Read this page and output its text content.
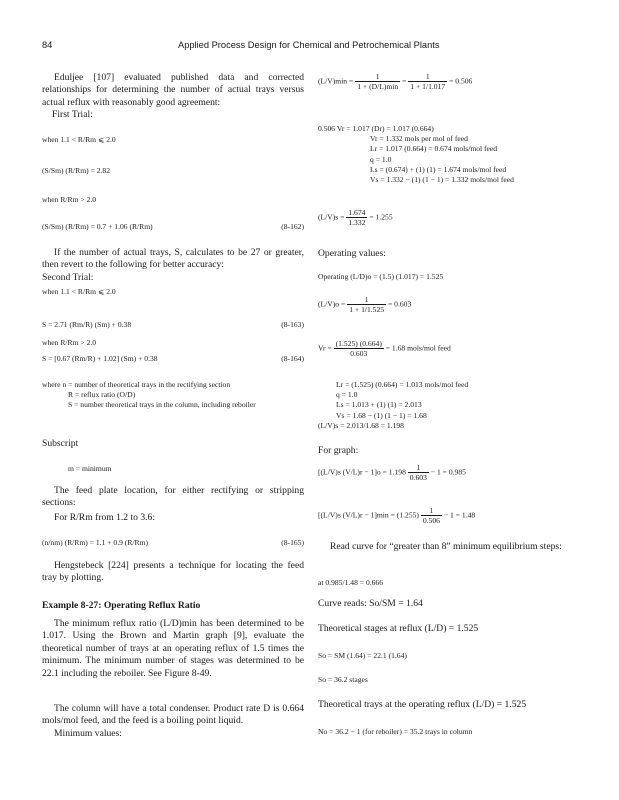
84	Applied Process Design for Chemical and Petrochemical Plants
Eduljee [107] evaluated published data and corrected relationships for determining the number of actual trays versus actual reflux with reasonably good agreement:
First Trial:
when 1.1 < R/Rm ⩽ 2.0
(S/Sm) (R/Rm) = 2.82
when R/Rm > 2.0
(S/Sm) (R/Rm) = 0.7 + 1.06 (R/Rm)	(8-162)
If the number of actual trays, S, calculates to be 27 or greater, then revert to the following for better accuracy:
Second Trial:
when 1.1 < R/Rm ⩽ 2.0
S = 2.71 (Rm/R) (Sm) + 0.38	(8-163)
when R/Rm > 2.0
S = [0.67 (Rm/R) + 1.02] (Sm) + 0.38	(8-164)
where n = number of theoretical trays in the rectifying section
R = reflux ratio (O/D)
S = number theoretical trays in the column, including reboiler
Subscript
m = minimum
The feed plate location, for either rectifying or stripping sections:
For R/Rm from 1.2 to 3.6:
(n/nm) (R/Rm) = 1.1 + 0.9 (R/Rm)	(8-165)
Hengstebeck [224] presents a technique for locating the feed tray by plotting.
Example 8-27: Operating Reflux Ratio
The minimum reflux ratio (L/D)min has been determined to be 1.017. Using the Brown and Martin graph [9], evaluate the theoretical number of trays at an operating reflux of 1.5 times the minimum. The minimum number of stages was determined to be 22.1 including the reboiler. See Figure 8-49.
The column will have a total condenser. Product rate D is 0.664 mols/mol feed, and the feed is a boiling point liquid.
Minimum values:
$(L/V)\min = \frac{1}{1 + (D/L)\min} = \frac{1}{1 + 1/1.017} = 0.506$
0.506 Vr = 1.017 (Dr) = 1.017 (0.664)
Vr = 1.332 mols per mol of feed
Lr = 1.017 (0.664) = 0.674 mols/mol feed
q = 1.0
Ls = (0.674) + (1) (1) = 1.674 mols/mol feed
Vs = 1.332 − (1) (1 − 1) = 1.332 mols/mol feed
$(L/V)s = \frac{1.674}{1.332} = 1.255$
Operating values:
Operating (L/D)o = (1.5) (1.017) = 1.525
$(L/V)o = \frac{1}{1 + 1/1.525} = 0.603$
$Vr = \frac{(1.525) (0.664)}{0.603} = 1.68$ mols/mol feed
Lr = (1.525) (0.664) = 1.013 mols/mol feed
q = 1.0
Ls = 1.013 + (1) (1) = 2.013
Vs = 1.68 − (1) (1 − 1) = 1.68
(L/V)s = 2.013/1.68 = 1.198
For graph:
[(L/V)s $(V/L)r - 1]o = 1.198 \frac{1}{0.603} - 1 = 0.985$
[(L/V)s $(V/L)r - 1]\min = (1.255) \frac{1}{0.506} - 1 = 1.48$
Read curve for “greater than 8” minimum equilibrium steps:
at 0.985/1.48 = 0.666
Curve reads: So/SM = 1.64
Theoretical stages at reflux (L/D) = 1.525
So = SM (1.64) = 22.1 (1.64)
So = 36.2 stages
Theoretical trays at the operating reflux (L/D) = 1.525
No = 36.2 − 1 (for reboiler) = 35.2 trays in column
